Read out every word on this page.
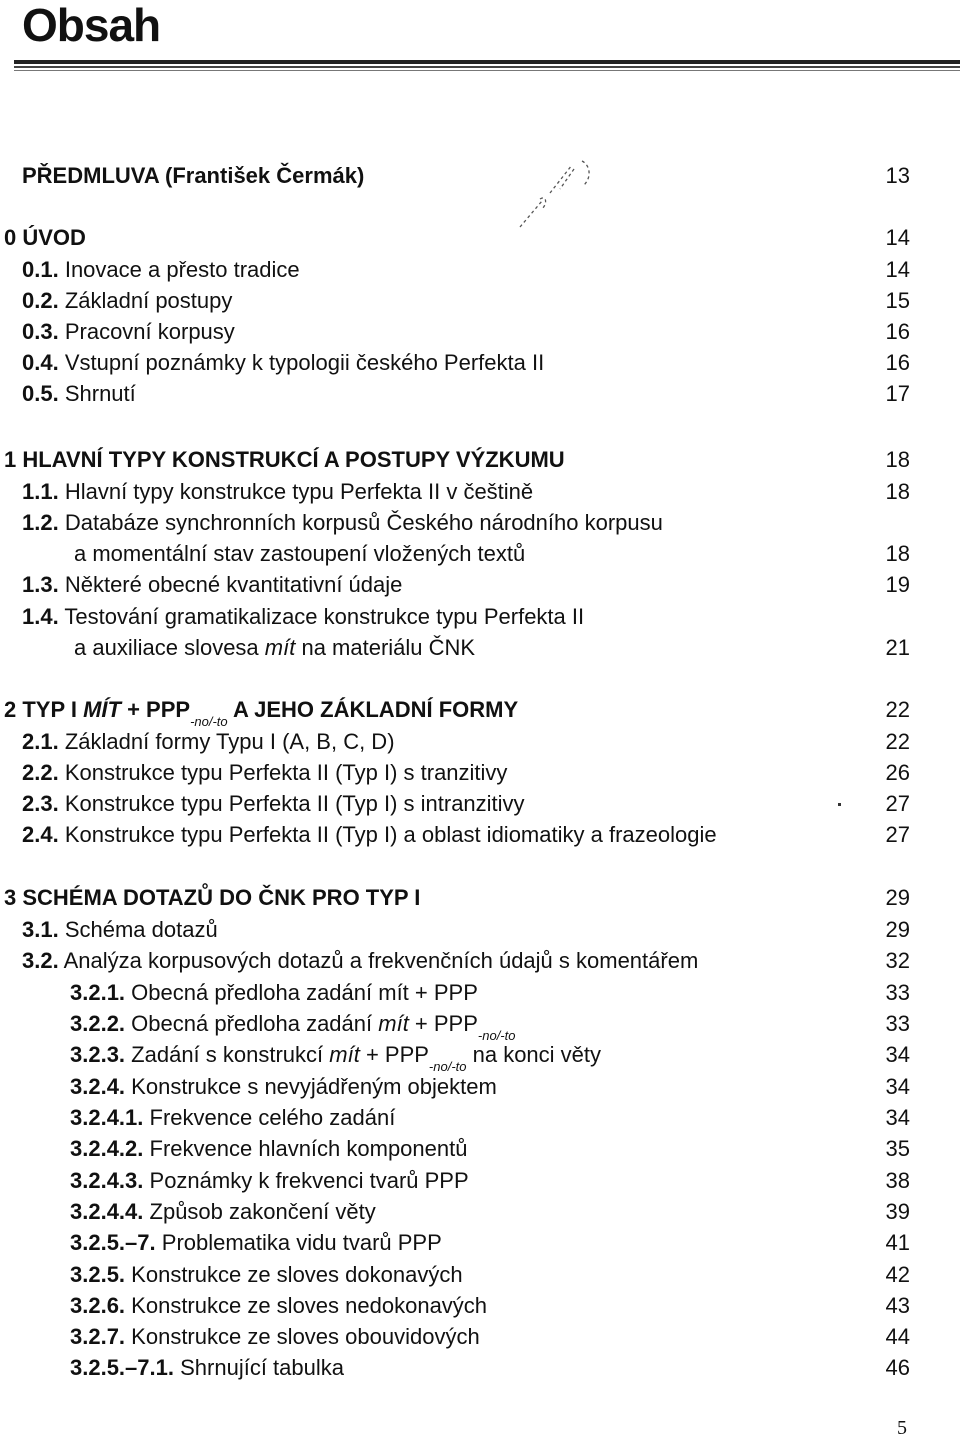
Obsah
PŘEDMLUVA (František Čermák)	13
0 ÚVOD	14
0.1. Inovace a přesto tradice	14
0.2. Základní postupy	15
0.3. Pracovní korpusy	16
0.4. Vstupní poznámky k typologii českého Perfekta II	16
0.5. Shrnutí	17
1 HLAVNÍ TYPY KONSTRUKCÍ A POSTUPY VÝZKUMU	18
1.1. Hlavní typy konstrukce typu Perfekta II v češtině	18
1.2. Databáze synchronních korpusů Českého národního korpusu
a momentální stav zastoupení vložených textů	18
1.3. Některé obecné kvantitativní údaje	19
1.4. Testování gramatikalizace konstrukce typu Perfekta II
a auxiliace slovesa mít na materiálu ČNK	21
2 TYP I MÍT + $PPP_{-no/-to}$ A JEHO ZÁKLADNÍ FORMY	22
2.1. Základní formy Typu I (A, B, C, D)	22
2.2. Konstrukce typu Perfekta II (Typ I) s tranzitivy	26
2.3. Konstrukce typu Perfekta II (Typ I) s intranzitivy	27
2.4. Konstrukce typu Perfekta II (Typ I) a oblast idiomatiky a frazeologie	27
3 SCHÉMA DOTAZŮ DO ČNK PRO TYP I	29
3.1. Schéma dotazů	29
3.2. Analýza korpusových dotazů a frekvenčních údajů s komentářem	32
3.2.1. Obecná předloha zadání mít + PPP	33
3.2.2. Obecná předloha zadání mít + $PPP_{-no/-to}$	33
3.2.3. Zadání s konstrukcí mít + $PPP_{-no/-to}$ na konci věty	34
3.2.4. Konstrukce s nevyjádřeným objektem	34
3.2.4.1. Frekvence celého zadání	34
3.2.4.2. Frekvence hlavních komponentů	35
3.2.4.3. Poznámky k frekvenci tvarů PPP	38
3.2.4.4. Způsob zakončení věty	39
3.2.5.–7. Problematika vidu tvarů PPP	41
3.2.5. Konstrukce ze sloves dokonavých	42
3.2.6. Konstrukce ze sloves nedokonavých	43
3.2.7. Konstrukce ze sloves obouvidových	44
3.2.5.–7.1. Shrnující tabulka	46
5
